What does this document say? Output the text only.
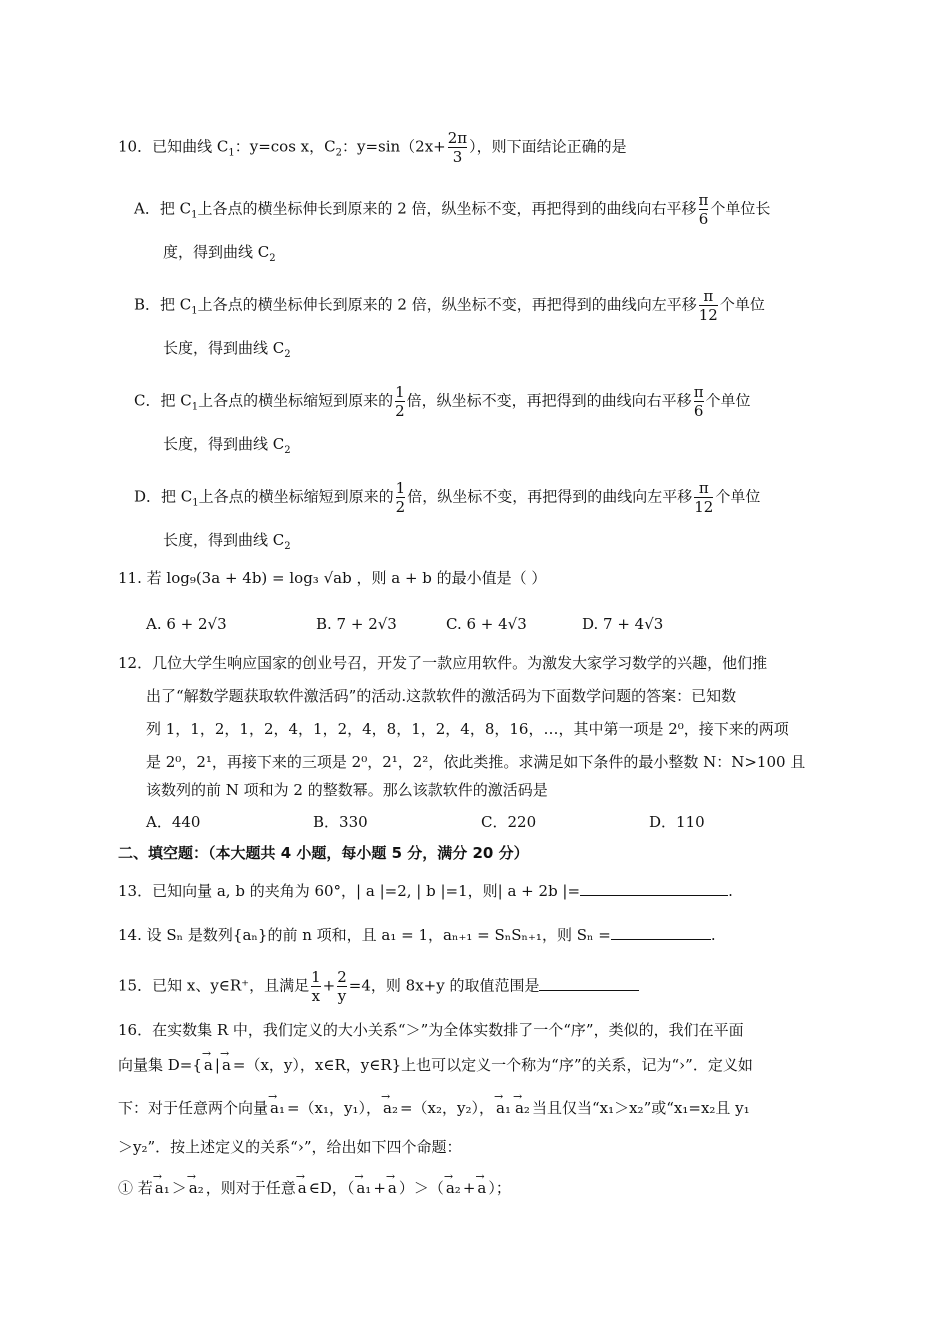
10．已知曲线 $C_1$：y=cos x，$C_2$：$y=\sin(2x+ \frac{2\pi}{3}$ ），则下面结论正确的是
A．把 $C_1$上各点的横坐标伸长到原来的 2 倍，纵坐标不变，再把得到的曲线向右平移 $\frac{\pi}{6}$ 个单位长
度，得到曲线 $C_2$
B．把 $C_1$上各点的横坐标伸长到原来的 2 倍，纵坐标不变，再把得到的曲线向左平移 $\frac{\pi}{12}$ 个单位
长度，得到曲线 $C_2$
C．把 $C_1$上各点的横坐标缩短到原来的 $\frac{1}{2}$ 倍，纵坐标不变，再把得到的曲线向右平移 $\frac{\pi}{6}$ 个单位
长度，得到曲线 $C_2$
D．把 $C_1$上各点的横坐标缩短到原来的 $\frac{1}{2}$ 倍，纵坐标不变，再把得到的曲线向左平移 $\frac{\pi}{12}$ 个单位
长度，得到曲线 $C_2$
11. 若 log₉(3a + 4b) = log₃ √ab ，则 a + b 的最小值是（ ）
A. 6 + 2√3	B. 7 + 2√3	C. 6 + 4√3	D. 7 + 4√3
12．几位大学生响应国家的创业号召，开发了一款应用软件。为激发大家学习数学的兴趣，他们推
出了“解数学题获取软件激活码”的活动.这款软件的激活码为下面数学问题的答案：已知数
列 1，1，2，1，2，4，1，2，4，8，1，2，4，8，16，…，其中第一项是 2⁰，接下来的两项
是 2⁰，2¹，再接下来的三项是 2⁰，2¹，2²，依此类推。求满足如下条件的最小整数 N：N>100 且
该数列的前 N 项和为 2 的整数幂。那么该款软件的激活码是
A．440	B．330	C．220	D．110
二、填空题：（本大题共 4 小题，每小题 5 分，满分 20 分）
13．已知向量 a, b 的夹角为 60°，| a |=2, | b |=1，则| a + 2b |=	.
14. 设 Sₙ 是数列{aₙ}的前 n 项和，且 a₁ = 1，aₙ₊₁ = SₙSₙ₊₁，则 Sₙ =	.
15．已知 x、y∈R⁺，且满足 $\frac{1}{x} + \frac{2}{y} =4$，则 8x+y 的取值范围是
16．在实数集 R 中，我们定义的大小关系“＞”为全体实数排了一个“序”，类似的，我们在平面
向量集 D={ → a | → a =（x，y），x∈R，y∈R}上也可以定义一个称为“序”的关系，记为“›”．定义如
下：对于任意两个向量 → a₁ =（x₁，y₁）， → a₂ =（x₂，y₂）， → a₁ → a₂ 当且仅当“x₁＞x₂”或“x₁=x₂且 y₁
＞y₂”．按上述定义的关系“›”，给出如下四个命题：
① 若 → a₁ ＞ → a₂ ，则对于任意 → a ∈D，（ → a₁ + → a ）＞（ → a₂ + → a ）；
